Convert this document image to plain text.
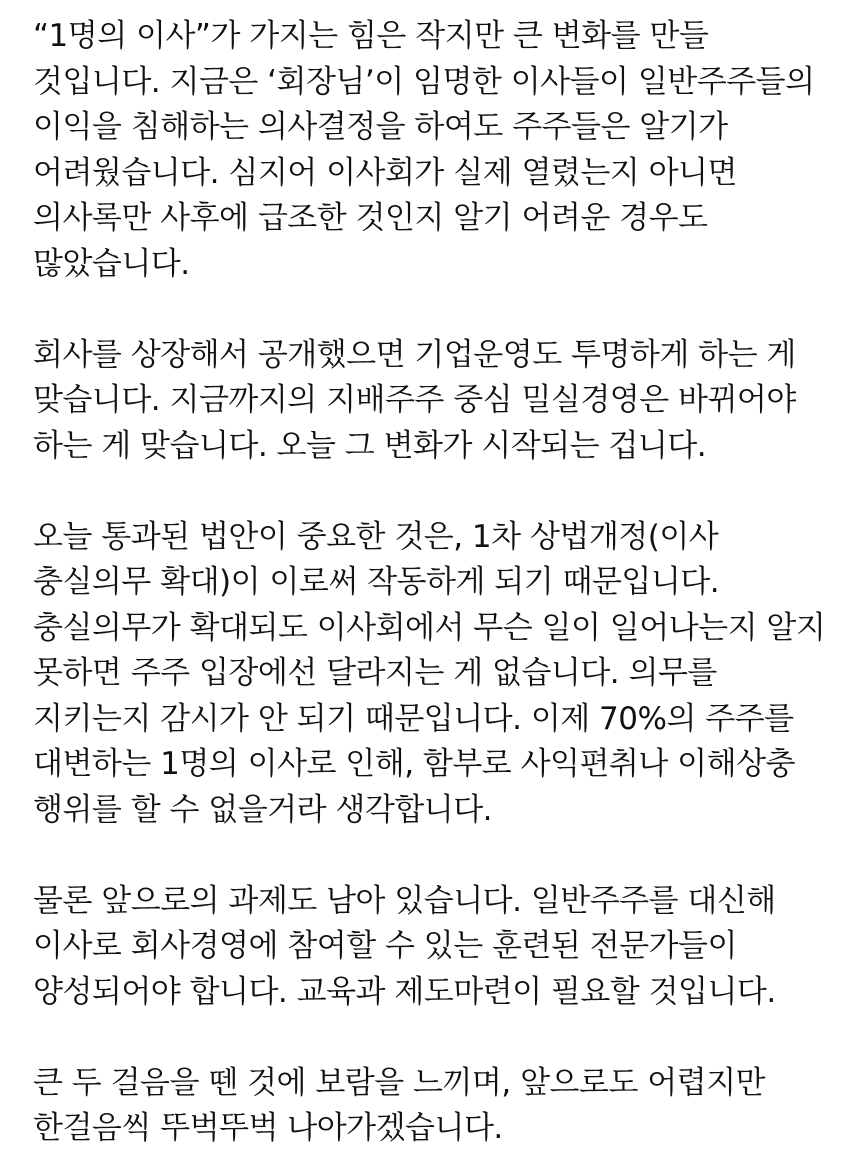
“1명의 이사”가 가지는 힘은 작지만 큰 변화를 만들
것입니다. 지금은 ‘회장님’이 임명한 이사들이 일반주주들의
이익을 침해하는 의사결정을 하여도 주주들은 알기가
어려웠습니다. 심지어 이사회가 실제 열렸는지 아니면
의사록만 사후에 급조한 것인지 알기 어려운 경우도
많았습니다.
회사를 상장해서 공개했으면 기업운영도 투명하게 하는 게
맞습니다. 지금까지의 지배주주 중심 밀실경영은 바뀌어야
하는 게 맞습니다. 오늘 그 변화가 시작되는 겁니다.
오늘 통과된 법안이 중요한 것은, 1차 상법개정(이사
충실의무 확대)이 이로써 작동하게 되기 때문입니다.
충실의무가 확대되도 이사회에서 무슨 일이 일어나는지 알지
못하면 주주 입장에선 달라지는 게 없습니다. 의무를
지키는지 감시가 안 되기 때문입니다. 이제 70%의 주주를
대변하는 1명의 이사로 인해, 함부로 사익편취나 이해상충
행위를 할 수 없을거라 생각합니다.
물론 앞으로의 과제도 남아 있습니다. 일반주주를 대신해
이사로 회사경영에 참여할 수 있는 훈련된 전문가들이
양성되어야 합니다. 교육과 제도마련이 필요할 것입니다.
큰 두 걸음을 뗀 것에 보람을 느끼며, 앞으로도 어렵지만
한걸음씩 뚜벅뚜벅 나아가겠습니다.
